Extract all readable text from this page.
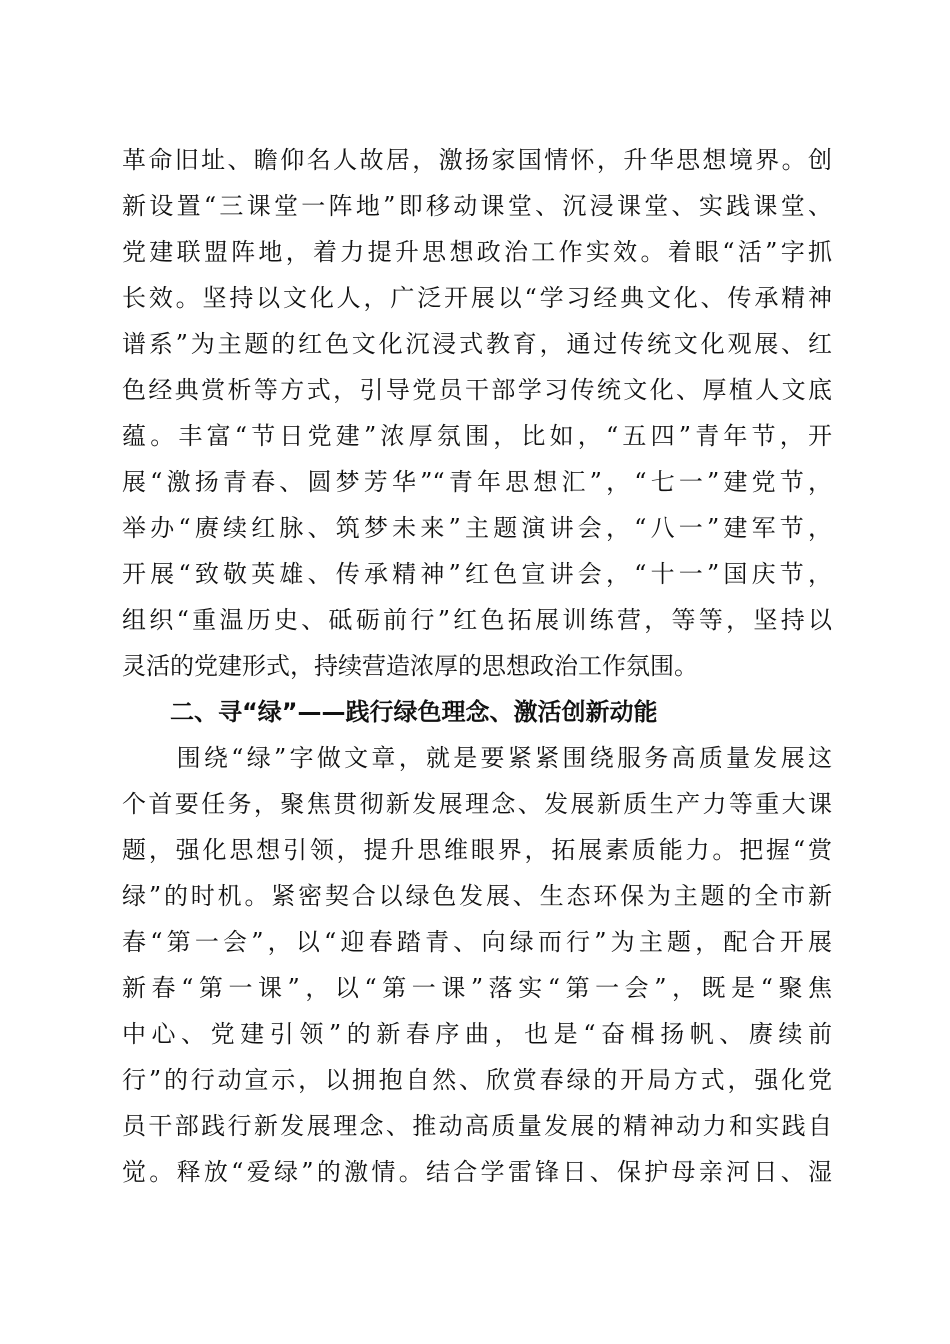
革命旧址、瞻仰名人故居，激扬家国情怀，升华思想境界。创
新设置“三课堂一阵地”即移动课堂、沉浸课堂、实践课堂、
党建联盟阵地，着力提升思想政治工作实效。着眼“活”字抓
长效。坚持以文化人，广泛开展以“学习经典文化、传承精神
谱系”为主题的红色文化沉浸式教育，通过传统文化观展、红
色经典赏析等方式，引导党员干部学习传统文化、厚植人文底
蕴。丰富“节日党建”浓厚氛围，比如，“五四”青年节，开
展“激扬青春、圆梦芳华”“青年思想汇”，“七一”建党节，
举办“赓续红脉、筑梦未来”主题演讲会，“八一”建军节，
开展“致敬英雄、传承精神”红色宣讲会，“十一”国庆节，
组织“重温历史、砥砺前行”红色拓展训练营，等等，坚持以
灵活的党建形式，持续营造浓厚的思想政治工作氛围。
二、寻“绿”——践行绿色理念、激活创新动能
　　围绕“绿”字做文章，就是要紧紧围绕服务高质量发展这
个首要任务，聚焦贯彻新发展理念、发展新质生产力等重大课
题，强化思想引领，提升思维眼界，拓展素质能力。把握“赏
绿”的时机。紧密契合以绿色发展、生态环保为主题的全市新
春“第一会”，以“迎春踏青、向绿而行”为主题，配合开展
新春“第一课”，以“第一课”落实“第一会”，既是“聚焦
中心、党建引领”的新春序曲，也是“奋楫扬帆、赓续前
行”的行动宣示，以拥抱自然、欣赏春绿的开局方式，强化党
员干部践行新发展理念、推动高质量发展的精神动力和实践自
觉。释放“爱绿”的激情。结合学雷锋日、保护母亲河日、湿
